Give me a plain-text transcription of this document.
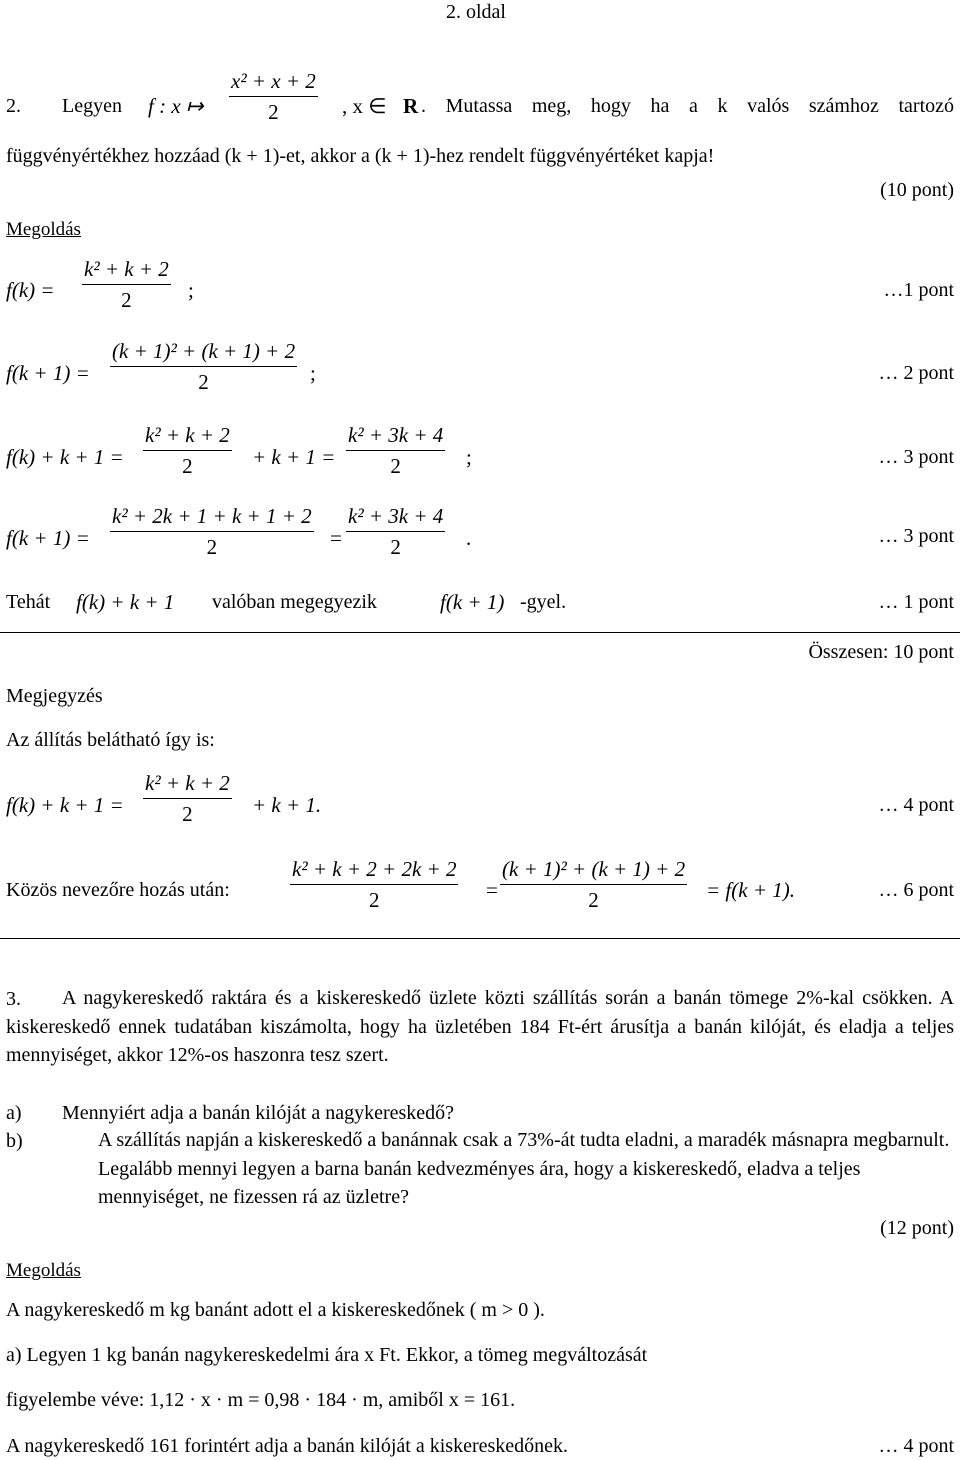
2. oldal
2. Legyen f : x ↦
x² + x + 2
2	, x ∈ R . Mutassa meg, hogy ha a k valós számhoz tartozó
függvényértékhez hozzáad (k + 1)-et, akkor a (k + 1)-hez rendelt függvényértéket kapja!
(10 pont)
Megoldás
f(k) =
k² + k + 2
2	;	…1 pont
f(k + 1) =
(k + 1)² + (k + 1) + 2
2	;	… 2 pont
f(k) + k + 1 =
k² + k + 2
2	+ k + 1 =
k² + 3k + 4
2	;	… 3 pont
f(k + 1) =
k² + 2k + 1 + k + 1 + 2
2	=
k² + 3k + 4
2	.	… 3 pont
Tehát f(k) + k + 1 valóban megegyezik	f(k + 1) -gyel.	… 1 pont
Összesen: 10 pont
Megjegyzés
Az állítás belátható így is:
f(k) + k + 1 =
k² + k + 2
2	+ k + 1.	… 4 pont
Közös nevezőre hozás után:
k² + k + 2 + 2k + 2
2	=
(k + 1)² + (k + 1) + 2
2	= f(k + 1).	… 6 pont
3.	A nagykereskedő raktára és a kiskereskedő üzlete közti szállítás során a banán tömege 2%-kal csökken. A kiskereskedő ennek tudatában kiszámolta, hogy ha üzletében 184 Ft-ért árusítja a banán kilóját, és eladja a teljes mennyiséget, akkor 12%-os haszonra tesz szert.
a) Mennyiért adja a banán kilóját a nagykereskedő?
b)	A szállítás napján a kiskereskedő a banánnak csak a 73%-át tudta eladni, a maradék másnapra megbarnult. Legalább mennyi legyen a barna banán kedvezményes ára, hogy a kiskereskedő, eladva a teljes mennyiséget, ne fizessen rá az üzletre?
(12 pont)
Megoldás
A nagykereskedő m kg banánt adott el a kiskereskedőnek ( m > 0 ).
a) Legyen 1 kg banán nagykereskedelmi ára x Ft. Ekkor, a tömeg megváltozását
figyelembe véve: 1,12 · x · m = 0,98 · 184 · m, amiből x = 161.
A nagykereskedő 161 forintért adja a banán kilóját a kiskereskedőnek.	… 4 pont
